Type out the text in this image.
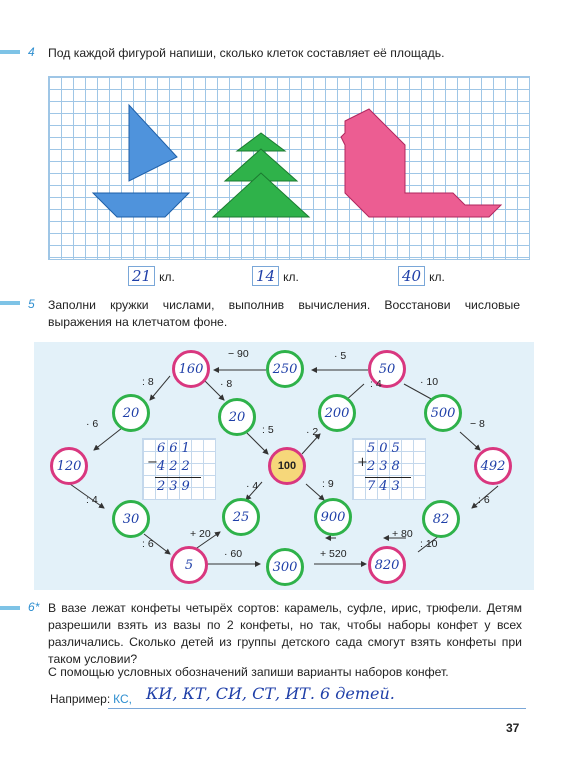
4 Под каждой фигурой напиши, сколько клеток составляет её площадь.
21 кл.	14 кл.	40 кл.
5 Заполни кружки числами, выполнив вычисления. Восстанови числовые выражения на клетчатом фоне.
160	250	50
20	20	200	500
120	100	492
30	25	900	82
5	300	820
− 90	· 5
: 8	· 8	: 4	· 10
· 6	: 5	· 2
− 8
: 4
· 4	: 9
: 6
: 6
+ 20	+ 80
: 10
· 60	+ 520
−
661
422
239
+
505
238
743
6* В вазе лежат конфеты четырёх сортов: карамель, суфле, ирис, трюфели. Детям разрешили взять из вазы по 2 конфеты, но так, чтобы наборы конфет у всех различались. Сколько детей из группы детского сада смогут взять конфеты при таком условии?
С помощью условных обозначений запиши варианты наборов конфет.
Например: КС, КИ, КТ, СИ, СТ, ИТ. 6 детей.
37
